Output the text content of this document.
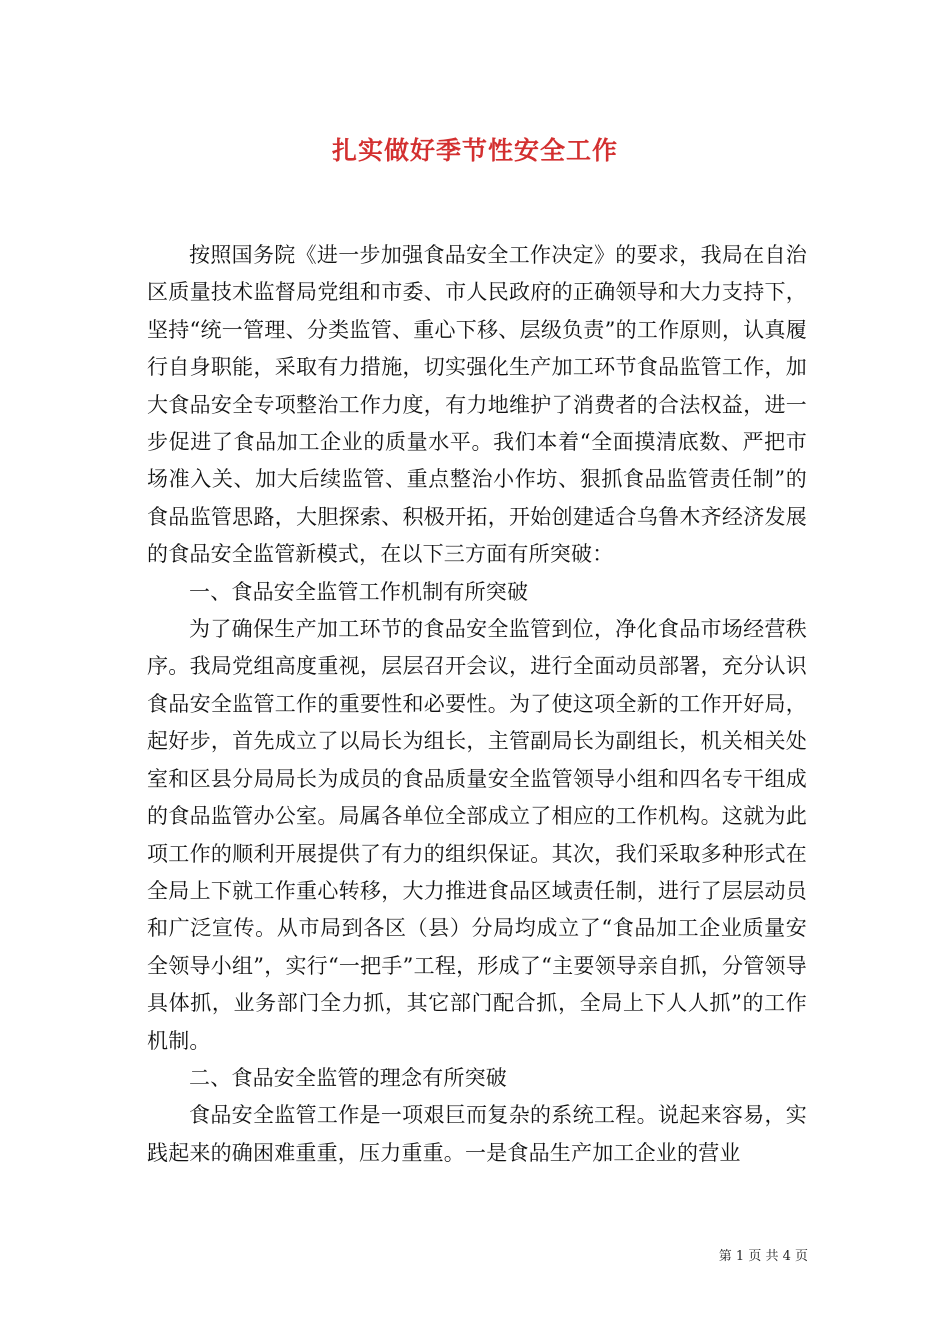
扎实做好季节性安全工作

按照国务院《进一步加强食品安全工作决定》的要求，我局在自治区质量技术监督局党组和市委、市人民政府的正确领导和大力支持下，坚持“统一管理、分类监管、重心下移、层级负责”的工作原则，认真履行自身职能，采取有力措施，切实强化生产加工环节食品监管工作，加大食品安全专项整治工作力度，有力地维护了消费者的合法权益，进一步促进了食品加工企业的质量水平。我们本着“全面摸清底数、严把市场准入关、加大后续监管、重点整治小作坊、狠抓食品监管责任制”的食品监管思路，大胆探索、积极开拓，开始创建适合乌鲁木齐经济发展的食品安全监管新模式，在以下三方面有所突破：

一、食品安全监管工作机制有所突破

为了确保生产加工环节的食品安全监管到位，净化食品市场经营秩序。我局党组高度重视，层层召开会议，进行全面动员部署，充分认识食品安全监管工作的重要性和必要性。为了使这项全新的工作开好局，起好步，首先成立了以局长为组长，主管副局长为副组长，机关相关处室和区县分局局长为成员的食品质量安全监管领导小组和四名专干组成的食品监管办公室。局属各单位全部成立了相应的工作机构。这就为此项工作的顺利开展提供了有力的组织保证。其次，我们采取多种形式在全局上下就工作重心转移，大力推进食品区域责任制，进行了层层动员和广泛宣传。从市局到各区（县）分局均成立了“食品加工企业质量安全领导小组”，实行“一把手”工程，形成了“主要领导亲自抓，分管领导具体抓，业务部门全力抓，其它部门配合抓，全局上下人人抓”的工作机制。

二、食品安全监管的理念有所突破

食品安全监管工作是一项艰巨而复杂的系统工程。说起来容易，实践起来的确困难重重，压力重重。一是食品生产加工企业的营业

第 1 页 共 4 页
